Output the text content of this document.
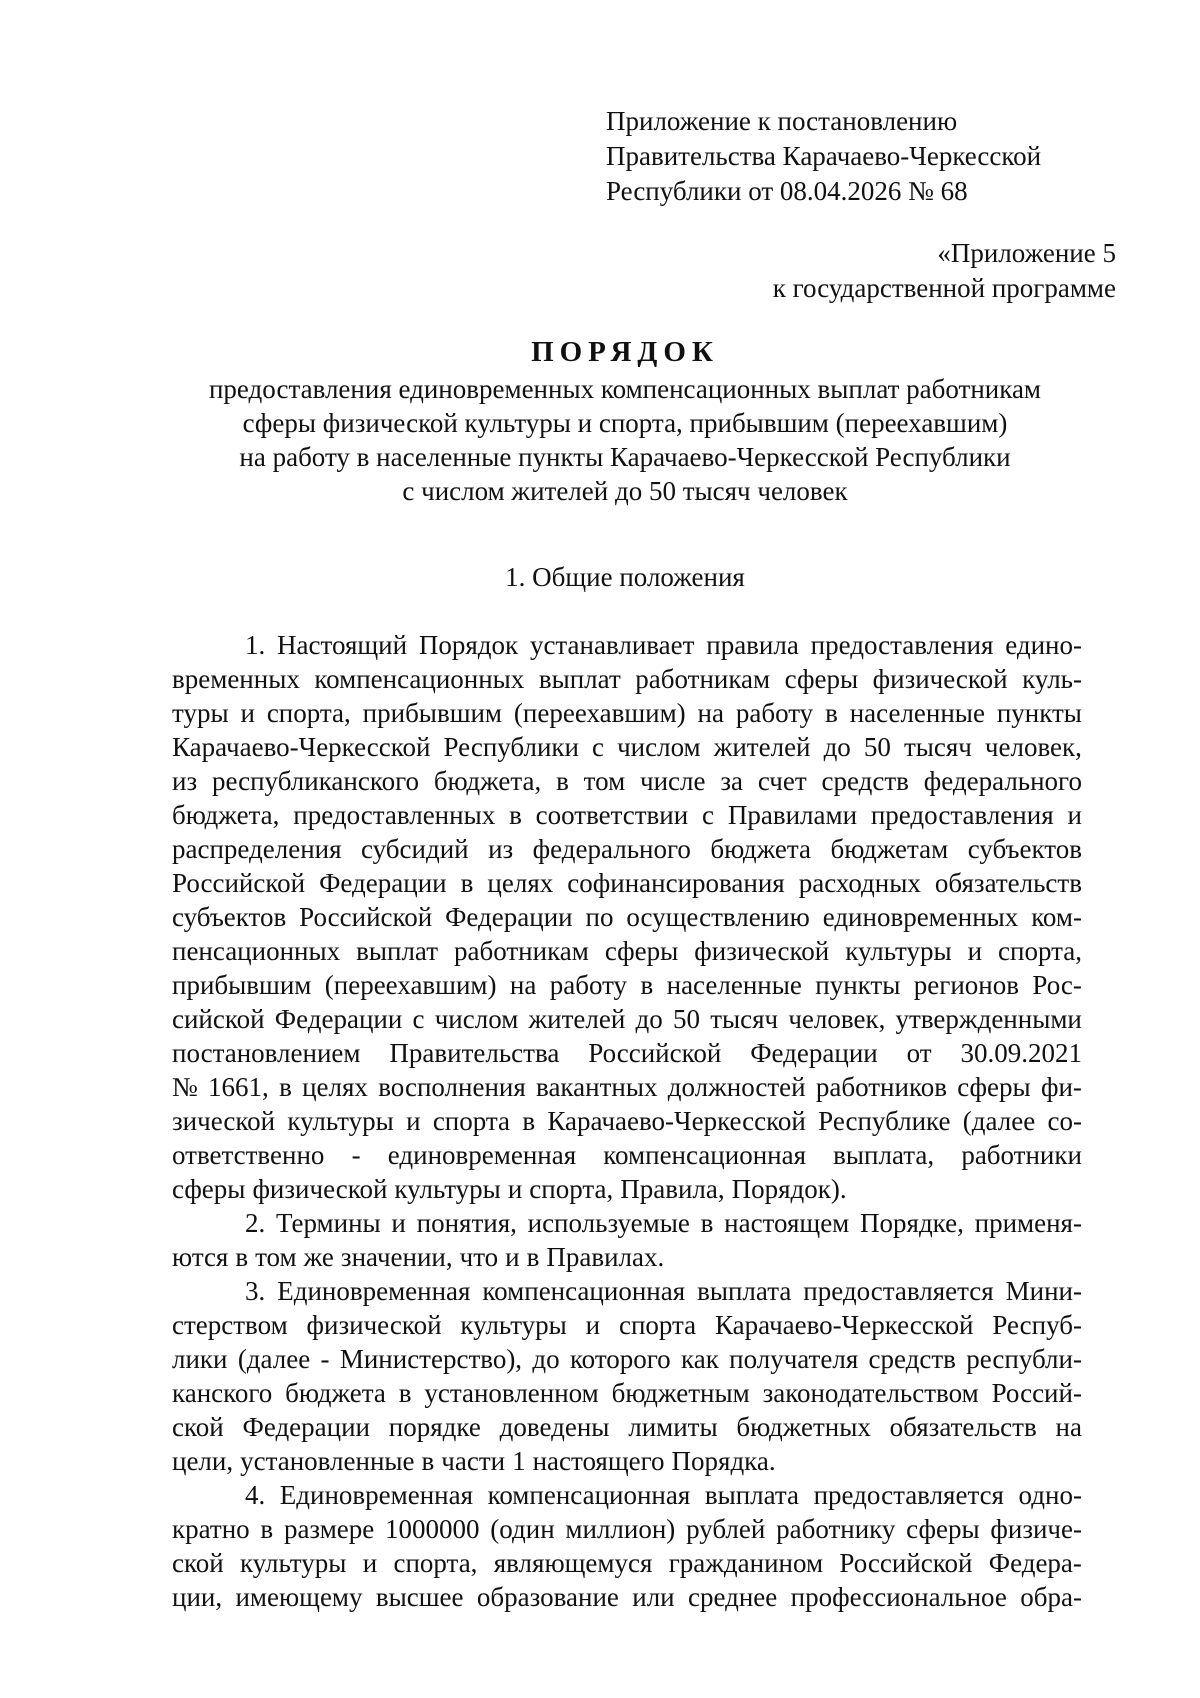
Приложение к постановлению
Правительства Карачаево-Черкесской
Республики от 08.04.2026 № 68
«Приложение 5
к государственной программе
ПОРЯДОК
предоставления единовременных компенсационных выплат работникам
сферы физической культуры и спорта, прибывшим (переехавшим)
на работу в населенные пункты Карачаево-Черкесской Республики
с числом жителей до 50 тысяч человек
1. Общие положения
1. Настоящий Порядок устанавливает правила предоставления едино-
временных компенсационных выплат работникам сферы физической куль-
туры и спорта, прибывшим (переехавшим) на работу в населенные пункты
Карачаево-Черкесской Республики с числом жителей до 50 тысяч человек,
из республиканского бюджета, в том числе за счет средств федерального
бюджета, предоставленных в соответствии с Правилами предоставления и
распределения субсидий из федерального бюджета бюджетам субъектов
Российской Федерации в целях софинансирования расходных обязательств
субъектов Российской Федерации по осуществлению единовременных ком-
пенсационных выплат работникам сферы физической культуры и спорта,
прибывшим (переехавшим) на работу в населенные пункты регионов Рос-
сийской Федерации с числом жителей до 50 тысяч человек, утвержденными
постановлением Правительства Российской Федерации от 30.09.2021
№ 1661, в целях восполнения вакантных должностей работников сферы фи-
зической культуры и спорта в Карачаево-Черкесской Республике (далее со-
ответственно - единовременная компенсационная выплата, работники
сферы физической культуры и спорта, Правила, Порядок).
2. Термины и понятия, используемые в настоящем Порядке, применя-
ются в том же значении, что и в Правилах.
3. Единовременная компенсационная выплата предоставляется Мини-
стерством физической культуры и спорта Карачаево-Черкесской Респуб-
лики (далее - Министерство), до которого как получателя средств республи-
канского бюджета в установленном бюджетным законодательством Россий-
ской Федерации порядке доведены лимиты бюджетных обязательств на
цели, установленные в части 1 настоящего Порядка.
4. Единовременная компенсационная выплата предоставляется одно-
кратно в размере 1000000 (один миллион) рублей работнику сферы физиче-
ской культуры и спорта, являющемуся гражданином Российской Федера-
ции, имеющему высшее образование или среднее профессиональное обра-
